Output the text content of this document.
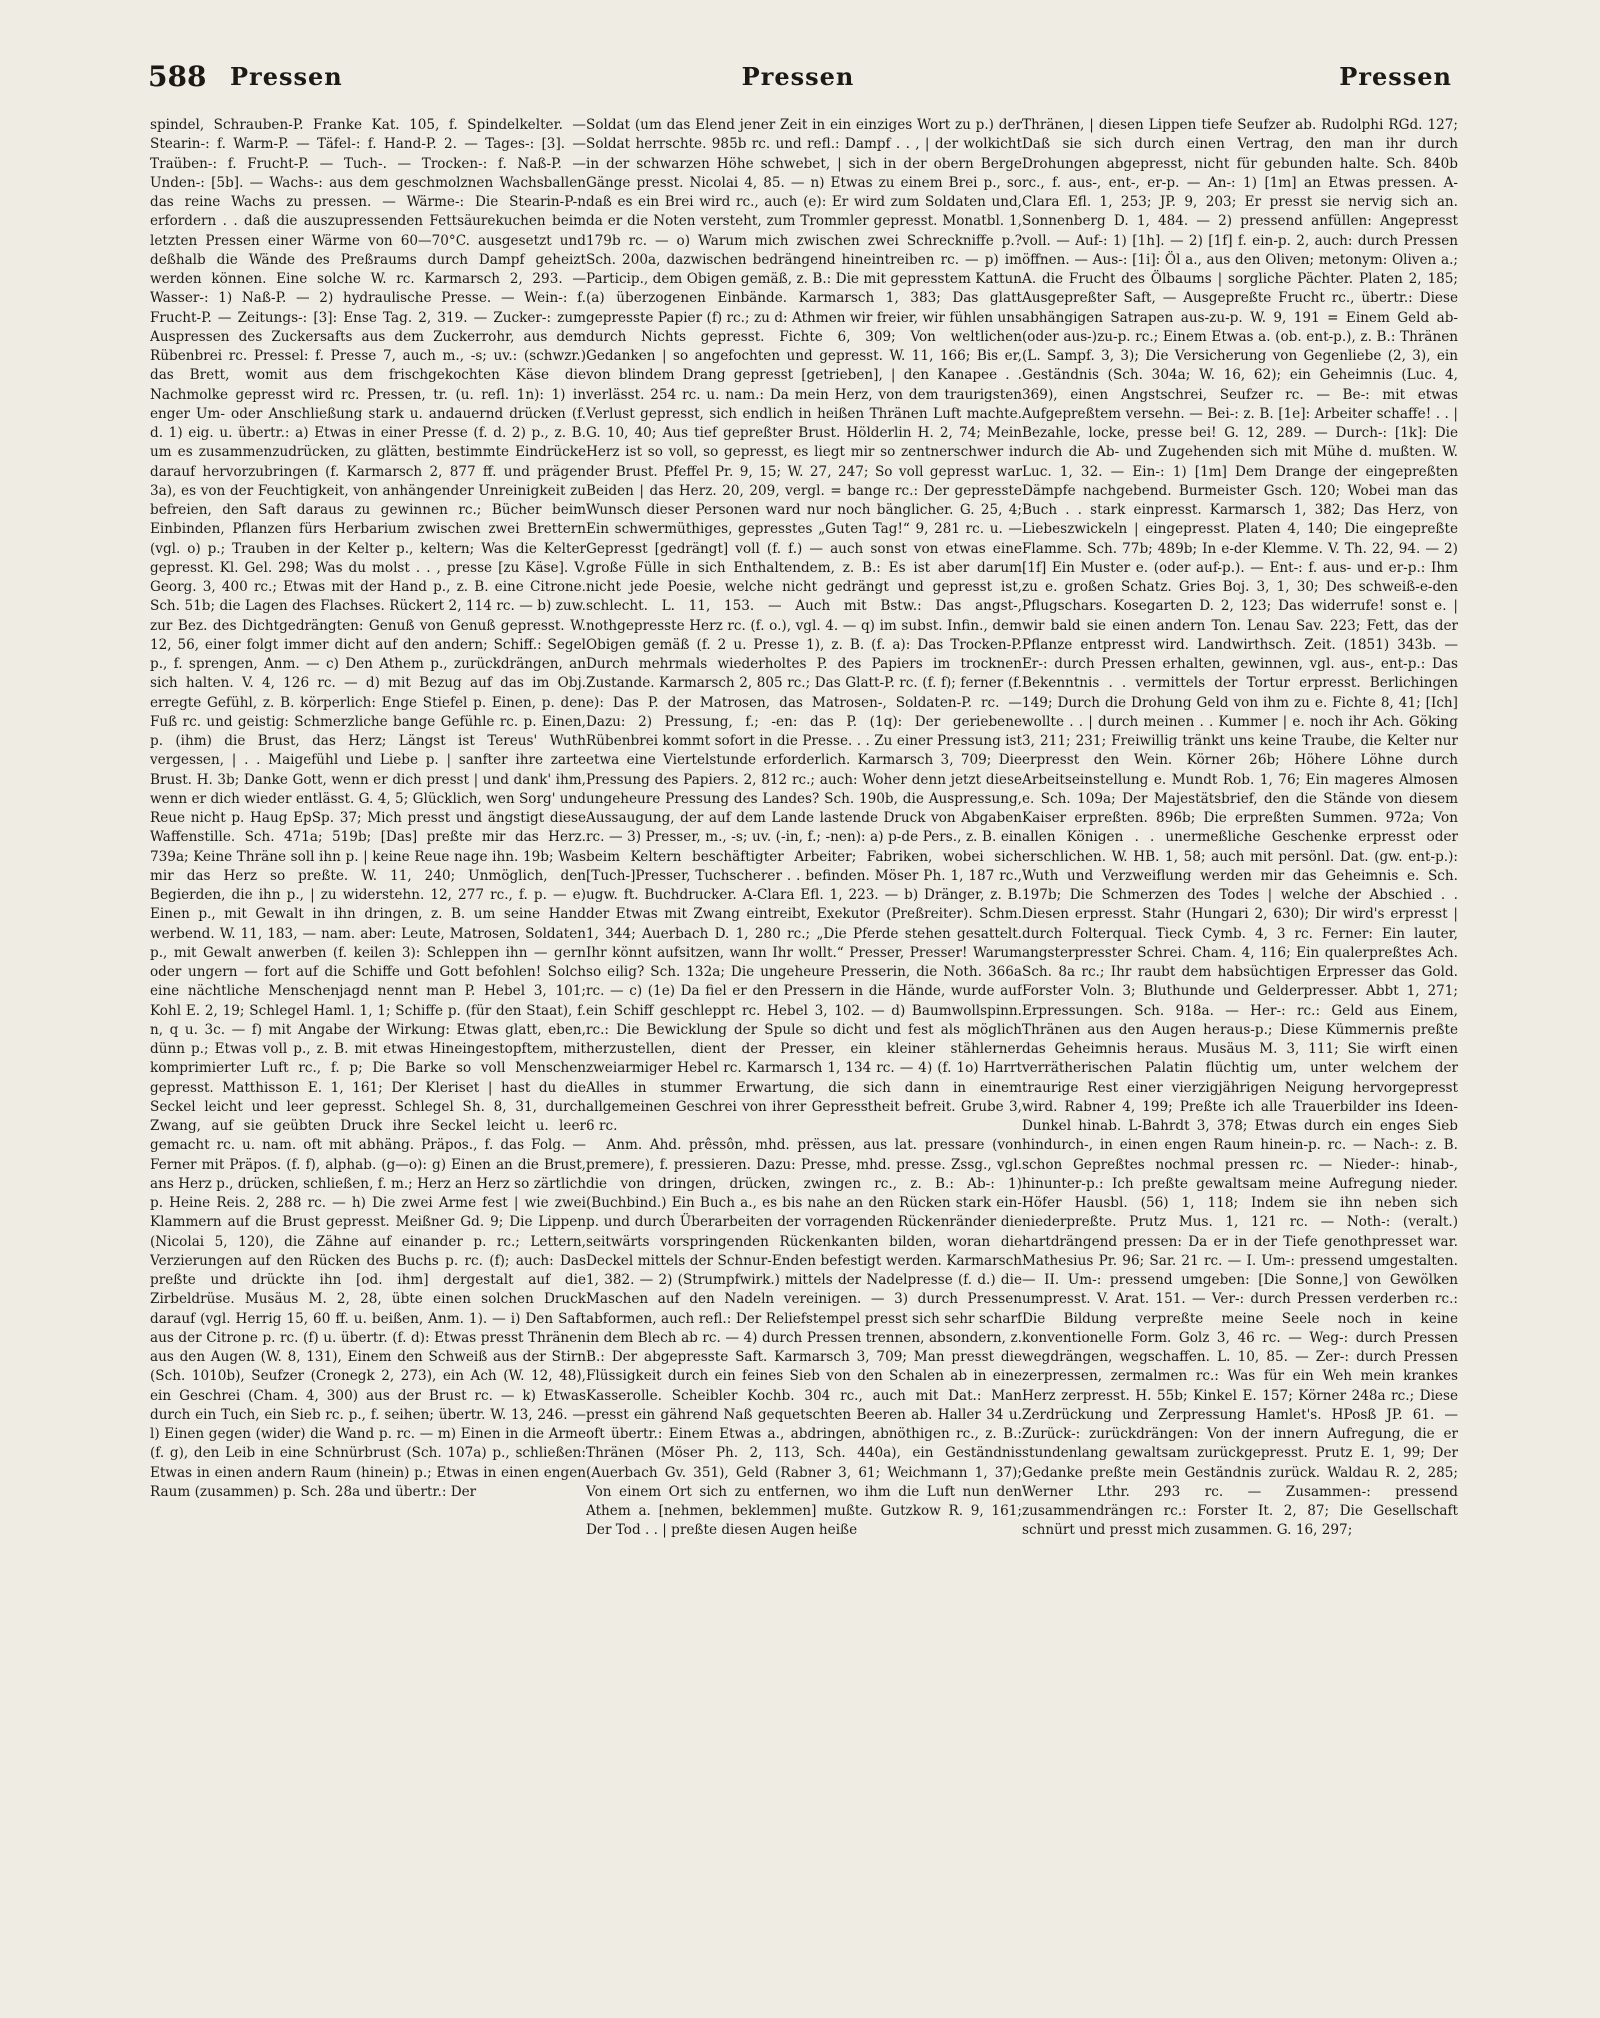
588 Pressen	Pressen	Pressen

spindel, Schrauben-P. Franke Kat. 105, f. Spindelkelter. — Stearin-: f. Warm-P. — Täfel-: f. Hand-P. 2. — Tages-: [3]. — Traüben-: f. Frucht-P. — Tuch-. — Trocken-: f. Naß-P. — Unden-: [5b]. — Wachs-: aus dem geschmolznen Wachsballen das reine Wachs zu pressen. — Wärme-: Die Stearin-P-n erfordern . . daß die auszupressenden Fettsäurekuchen beim letzten Pressen einer Wärme von 60—70°C. ausgesetzt und deßhalb die Wände des Preßraums durch Dampf geheizt werden können. Eine solche W. rc. Karmarsch 2, 293. — Wasser-: 1) Naß-P. — 2) hydraulische Presse. — Wein-: f. Frucht-P. — Zeitungs-: [3]: Ense Tag. 2, 319. — Zucker-: zum Auspressen des Zuckersafts aus dem Zuckerrohr, aus dem Rübenbrei rc. Pressel: f. Presse 7, auch m., -s; uv.: (schwzr.) das Brett, womit aus dem frischgekochten Käse die Nachmolke gepresst wird rc. Pressen, tr. (u. refl. 1n): 1) in enger Um- oder Anschließung stark u. andauernd drücken (f. d. 1) eig. u. übertr.: a) Etwas in einer Presse (f. d. 2) p., z. B. um es zusammenzudrücken, zu glätten, bestimmte Eindrücke darauf hervorzubringen (f. Karmarsch 2, 877 ff. und prägen 3a), es von der Feuchtigkeit, von anhängender Unreinigkeit zu befreien, den Saft daraus zu gewinnen rc.; Bücher beim Einbinden, Pflanzen fürs Herbarium zwischen zwei Brettern (vgl. o) p.; Trauben in der Kelter p., keltern; Was die Kelter gepresst. Kl. Gel. 298; Was du molst . . , presse [zu Käse]. V. Georg. 3, 400 rc.; Etwas mit der Hand p., z. B. eine Citrone. Sch. 51b; die Lagen des Flachses. Rückert 2, 114 rc. — b) zuw. zur Bez. des Dichtgedrängten: Genuß von Genuß gepresst. W. 12, 56, einer folgt immer dicht auf den andern; Schiff.: Segel p., f. sprengen, Anm. — c) Den Athem p., zurückdrängen, an sich halten. V. 4, 126 rc. — d) mit Bezug auf das im Obj. erregte Gefühl, z. B. körperlich: Enge Stiefel p. Einen, p. den Fuß rc. und geistig: Schmerzliche bange Gefühle rc. p. Einen, p. (ihm) die Brust, das Herz; Längst ist Tereus' Wuth vergessen, | . . Maigefühl und Liebe p. | sanfter ihre zarte Brust. H. 3b; Danke Gott, wenn er dich presst | und dank' ihm, wenn er dich wieder entlässt. G. 4, 5; Glücklich, wen Sorg' und Reue nicht p. Haug EpSp. 37; Mich presst und ängstigt diese Waffenstille. Sch. 471a; 519b; [Das] preßte mir das Herz. 739a; Keine Thräne soll ihn p. | keine Reue nage ihn. 19b; Was mir das Herz so preßte. W. 11, 240; Unmöglich, den Begierden, die ihn p., | zu widerstehn. 12, 277 rc., f. p. — e) Einen p., mit Gewalt in ihn dringen, z. B. um seine Hand werbend. W. 11, 183, — nam. aber: Leute, Matrosen, Soldaten p., mit Gewalt anwerben (f. keilen 3): Schleppen ihn — gern oder ungern — fort auf die Schiffe und Gott befohlen! Solch eine nächtliche Menschenjagd nennt man P. Hebel 3, 101; Kohl E. 2, 19; Schlegel Haml. 1, 1; Schiffe p. (für den Staat), f. n, q u. 3c. — f) mit Angabe der Wirkung: Etwas glatt, eben, dünn p.; Etwas voll p., z. B. mit etwas Hineingestopftem, mit komprimierter Luft rc., f. p; Die Barke so voll Menschen gepresst. Matthisson E. 1, 161; Der Kleriset | hast du die Seckel leicht und leer gepresst. Schlegel Sh. 8, 31, durch Zwang, auf sie geübten Druck ihre Seckel leicht u. leer gemacht rc. u. nam. oft mit abhäng. Präpos., f. das Folg. — Ferner mit Präpos. (f. f), alphab. (g—o): g) Einen an die Brust, ans Herz p., drücken, schließen, f. m.; Herz an Herz so zärtlich p. Heine Reis. 2, 288 rc. — h) Die zwei Arme fest | wie zwei Klammern auf die Brust gepresst. Meißner Gd. 9; Die Lippen (Nicolai 5, 120), die Zähne auf einander p. rc.; Lettern, Verzierungen auf den Rücken des Buchs p. rc. (f); auch: Das preßte und drückte ihn [od. ihm] dergestalt auf die Zirbeldrüse. Musäus M. 2, 28, übte einen solchen Druck darauf (vgl. Herrig 15, 60 ff. u. beißen, Anm. 1). — i) Den Saft aus der Citrone p. rc. (f) u. übertr. (f. d): Etwas presst Thränen aus den Augen (W. 8, 131), Einem den Schweiß aus der Stirn (Sch. 1010b), Seufzer (Cronegk 2, 273), ein Ach (W. 12, 48), ein Geschrei (Cham. 4, 300) aus der Brust rc. — k) Etwas durch ein Tuch, ein Sieb rc. p., f. seihen; übertr. W. 13, 246. — l) Einen gegen (wider) die Wand p. rc. — m) Einen in die Arme (f. g), den Leib in eine Schnürbrust (Sch. 107a) p., schließen: Etwas in einen andern Raum (hinein) p.; Etwas in einen engen Raum (zusammen) p. Sch. 28a und übertr.: Der

Soldat (um das Elend jener Zeit in ein einziges Wort zu p.) der Soldat herrschte. 985b rc. und refl.: Dampf . . , | der wolkicht in der schwarzen Höhe schwebet, | sich in der obern Berge Gänge presst. Nicolai 4, 85. — n) Etwas zu einem Brei p., so daß es ein Brei wird rc., auch (e): Er wird zum Soldaten und, da er die Noten versteht, zum Trommler gepresst. Monatbl. 1, 179b rc. — o) Warum mich zwischen zwei Schreckniffe p.? Sch. 200a, dazwischen bedrängend hineintreiben rc. — p) im Particip., dem Obigen gemäß, z. B.: Die mit gepresstem Kattun (a) überzogenen Einbände. Karmarsch 1, 383; Das glatt gepresste Papier (f) rc.; zu d: Athmen wir freier, wir fühlen uns durch Nichts gepresst. Fichte 6, 309; Von weltlichen Gedanken | so angefochten und gepresst. W. 11, 166; Bis er, von blindem Drang gepresst [getrieben], | den Kanapee . . verlässt. 254 rc. u. nam.: Da mein Herz, von dem traurigsten Verlust gepresst, sich endlich in heißen Thränen Luft machte. G. 10, 40; Aus tief gepreßter Brust. Hölderlin H. 2, 74; Mein Herz ist so voll, so gepresst, es liegt mir so zentnerschwer in der Brust. Pfeffel Pr. 9, 15; W. 27, 247; So voll gepresst war Beiden | das Herz. 20, 209, vergl. = bange rc.: Der gepresste Wunsch dieser Personen ward nur noch bänglicher. G. 25, 4; Ein schwermüthiges, gepresstes „Guten Tag!“ 9, 281 rc. u. — Gepresst [gedrängt] voll (f. f.) — auch sonst von etwas eine große Fülle in sich Enthaltendem, z. B.: Es ist aber darum nicht jede Poesie, welche nicht gedrängt und gepresst ist, schlecht. L. 11, 153. — Auch mit Bstw.: Das angst-, nothgepresste Herz rc. (f. o.), vgl. 4. — q) im subst. Infin., dem Obigen gemäß (f. 2 u. Presse 1), z. B. (f. a): Das Trocken-P. Durch mehrmals wiederholtes P. des Papiers im trocknen Zustande. Karmarsch 2, 805 rc.; Das Glatt-P. rc. (f. f); ferner (f. e): Das P. der Matrosen, das Matrosen-, Soldaten-P. rc. — Dazu: 2) Pressung, f.; -en: das P. (1q): Der geriebene Rübenbrei kommt sofort in die Presse. . . Zu einer Pressung ist etwa eine Viertelstunde erforderlich. Karmarsch 3, 709; Die Pressung des Papiers. 2, 812 rc.; auch: Woher denn jetzt diese ungeheure Pressung des Landes? Sch. 190b, die Auspressung, Aussaugung, der auf dem Lande lastende Druck von Abgaben rc. — 3) Presser, m., -s; uv. (-in, f.; -nen): a) p-de Pers., z. B. ein beim Keltern beschäftigter Arbeiter; Fabriken, wobei sich [Tuch-]Presser, Tuchscherer . . befinden. Möser Ph. 1, 187 rc., ugw. ft. Buchdrucker. A-Clara Efl. 1, 223. — b) Dränger, z. B. der Etwas mit Zwang eintreibt, Exekutor (Preßreiter). Schm. 1, 344; Auerbach D. 1, 280 rc.; „Die Pferde stehen gesattelt. Ihr könnt aufsitzen, wann Ihr wollt.“ Presser, Presser! Warum so eilig? Sch. 132a; Die ungeheure Presserin, die Noth. 366a rc. — c) (1e) Da fiel er den Pressern in die Hände, wurde auf ein Schiff geschleppt rc. Hebel 3, 102. — d) Baumwollspinn. rc.: Die Bewicklung der Spule so dicht und fest als möglich herzustellen, dient der Presser, ein kleiner stählerner zweiarmiger Hebel rc. Karmarsch 1, 134 rc. — 4) (f. 1o) Harrt Alles in stummer Erwartung, die sich dann in einem allgemeinen Geschrei von ihrer Gepresstheit befreit. Grube 3, 6 rc.

Anm. Ahd. prêssôn, mhd. prëssen, aus lat. pressare (von premere), f. pressieren. Dazu: Presse, mhd. presse. Zssg., vgl. die von dringen, drücken, zwingen rc., z. B.: Ab-: 1) (Buchbind.) Ein Buch a., es bis nahe an den Rücken stark ein-p. und durch Überarbeiten der vorragenden Rückenränder die seitwärts vorspringenden Rückenkanten bilden, woran die Deckel mittels der Schnur-Enden befestigt werden. Karmarsch 1, 382. — 2) (Strumpfwirk.) mittels der Nadelpresse (f. d.) die Maschen auf den Nadeln vereinigen. — 3) durch Pressen abformen, auch refl.: Der Reliefstempel presst sich sehr scharf in dem Blech ab rc. — 4) durch Pressen trennen, absondern, z. B.: Der abgepresste Saft. Karmarsch 3, 709; Man presst die Flüssigkeit durch ein feines Sieb von den Schalen ab in eine Kasserolle. Scheibler Kochb. 304 rc., auch mit Dat.: Man presst ein gährend Naß gequetschten Beeren ab. Haller 34 u. oft übertr.: Einem Etwas a., abdringen, abnöthigen rc., z. B.: Thränen (Möser Ph. 2, 113, Sch. 440a), ein Geständnis (Auerbach Gv. 351), Geld (Rabner 3, 61; Weichmann 1, 37); Von einem Ort sich zu entfernen, wo ihm die Luft nun den Athem a. [nehmen, beklemmen] mußte. Gutzkow R. 9, 161; Der Tod . . | preßte diesen Augen heiße

Thränen, | diesen Lippen tiefe Seufzer ab. Rudolphi RGd. 127; Daß sie sich durch einen Vertrag, den man ihr durch Drohungen abgepresst, nicht für gebunden halte. Sch. 840b rc., f. aus-, ent-, er-p. — An-: 1) [1m] an Etwas pressen. A-Clara Efl. 1, 253; JP. 9, 203; Er presst sie nervig sich an. Sonnenberg D. 1, 484. — 2) pressend anfüllen: Angepresst voll. — Auf-: 1) [1h]. — 2) [1f] f. ein-p. 2, auch: durch Pressen öffnen. — Aus-: [1i]: Öl a., aus den Oliven; metonym: Oliven a.; A. die Frucht des Ölbaums | sorgliche Pächter. Platen 2, 185; Ausgepreßter Saft, — Ausgepreßte Frucht rc., übertr.: Diese abhängigen Satrapen aus-zu-p. W. 9, 191 = Einem Geld ab- (oder aus-)zu-p. rc.; Einem Etwas a. (ob. ent-p.), z. B.: Thränen (L. Sampf. 3, 3); Die Versicherung von Gegenliebe (2, 3), ein Geständnis (Sch. 304a; W. 16, 62); ein Geheimnis (Luc. 4, 369), einen Angstschrei, Seufzer rc. — Be-: mit etwas Aufgepreßtem versehn. — Bei-: z. B. [1e]: Arbeiter schaffe! . . | Bezahle, locke, presse bei! G. 12, 289. — Durch-: [1k]: Die durch die Ab- und Zugehenden sich mit Mühe d. mußten. W. Luc. 1, 32. — Ein-: 1) [1m] Dem Drange der eingepreßten Dämpfe nachgebend. Burmeister Gsch. 120; Wobei man das Buch . . stark einpresst. Karmarsch 1, 382; Das Herz, von Liebeszwickeln | eingepresst. Platen 4, 140; Die eingepreßte Flamme. Sch. 77b; 489b; In e-der Klemme. V. Th. 22, 94. — 2) [1f] Ein Muster e. (oder auf-p.). — Ent-: f. aus- und er-p.: Ihm zu e. großen Schatz. Gries Boj. 3, 1, 30; Des schweiß-e-den Pflugschars. Kosegarten D. 2, 123; Das widerrufe! sonst e. | wir bald sie einen andern Ton. Lenau Sav. 223; Fett, das der Pflanze entpresst wird. Landwirthsch. Zeit. (1851) 343b. — Er-: durch Pressen erhalten, gewinnen, vgl. aus-, ent-p.: Das Bekenntnis . . vermittels der Tortur erpresst. Berlichingen 149; Durch die Drohung Geld von ihm zu e. Fichte 8, 41; [Ich] wollte . . | durch meinen . . Kummer | e. noch ihr Ach. Göking 3, 211; 231; Freiwillig tränkt uns keine Traube, die Kelter nur erpresst den Wein. Körner 26b; Höhere Löhne durch Arbeitseinstellung e. Mundt Rob. 1, 76; Ein mageres Almosen e. Sch. 109a; Der Majestätsbrief, den die Stände von diesem Kaiser erpreßten. 896b; Die erpreßten Summen. 972a; Von allen Königen . . unermeßliche Geschenke erpresst oder erschlichen. W. HB. 1, 58; auch mit persönl. Dat. (gw. ent-p.): Wuth und Verzweiflung werden mir das Geheimnis e. Sch. 197b; Die Schmerzen des Todes | welche der Abschied . . Diesen erpresst. Stahr (Hungari 2, 630); Dir wird's erpresst | durch Folterqual. Tieck Cymb. 4, 3 rc. Ferner: Ein lauter, angsterpresster Schrei. Cham. 4, 116; Ein qualerpreßtes Ach. Sch. 8a rc.; Ihr raubt dem habsüchtigen Erpresser das Gold. Forster Voln. 3; Bluthunde und Gelderpresser. Abbt 1, 271; Erpressungen. Sch. 918a. — Her-: rc.: Geld aus Einem, Thränen aus den Augen heraus-p.; Diese Kümmernis preßte das Geheimnis heraus. Musäus M. 3, 111; Sie wirft einen verrätherischen Palatin flüchtig um, unter welchem der traurige Rest einer vierzigjährigen Neigung hervorgepresst wird. Rabner 4, 199; Preßte ich alle Trauerbilder ins Ideen-Dunkel hinab. L-Bahrdt 3, 378; Etwas durch ein enges Sieb hindurch-, in einen engen Raum hinein-p. rc. — Nach-: z. B. schon Gepreßtes nochmal pressen rc. — Nieder-: hinab-, hinunter-p.: Ich preßte gewaltsam meine Aufregung nieder. Höfer Hausbl. (56) 1, 118; Indem sie ihn neben sich niederpreßte. Prutz Mus. 1, 121 rc. — Noth-: (veralt.) hartdrängend pressen: Da er in der Tiefe genothpresset war. Mathesius Pr. 96; Sar. 21 rc. — I. Um-: pressend umgestalten. — II. Um-: pressend umgeben: [Die Sonne,] von Gewölken umpresst. V. Arat. 151. — Ver-: durch Pressen verderben rc.: Die Bildung verpreßte meine Seele noch in keine konventionelle Form. Golz 3, 46 rc. — Weg-: durch Pressen wegdrängen, wegschaffen. L. 10, 85. — Zer-: durch Pressen zerpressen, zermalmen rc.: Was für ein Weh mein krankes Herz zerpresst. H. 55b; Kinkel E. 157; Körner 248a rc.; Diese Zerdrückung und Zerpressung Hamlet's. HPosß JP. 61. — Zurück-: zurückdrängen: Von der innern Aufregung, die er stundenlang gewaltsam zurückgepresst. Prutz E. 1, 99; Der Gedanke preßte mein Geständnis zurück. Waldau R. 2, 285; Werner Lthr. 293 rc. — Zusammen-: pressend zusammendrängen rc.: Forster It. 2, 87; Die Gesellschaft schnürt und presst mich zusammen. G. 16, 297;
